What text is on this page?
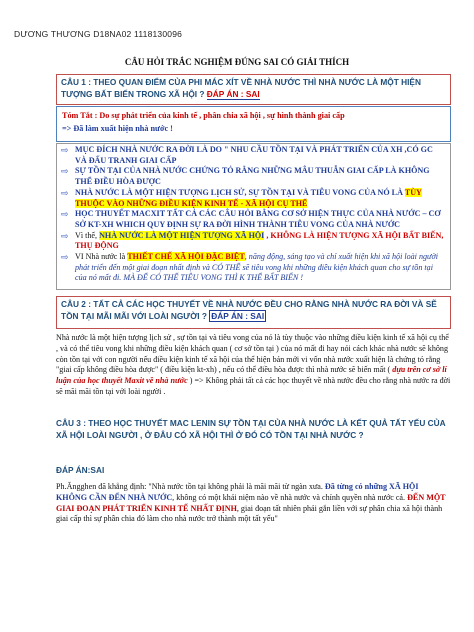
DƯƠNG THƯƠNG D18NA02 1118130096
CÂU HỎI TRẮC NGHIỆM ĐÚNG SAI CÓ GIẢI THÍCH
CÂU 1 : THEO QUAN ĐIỂM CỦA PHI MÁC XÍT VỀ NHÀ NƯỚC THÌ NHÀ NƯỚC LÀ MỘT HIỆN TƯỢNG BẤT BIẾN TRONG XÃ HỘI ? ĐÁP ÁN : SAI
Tóm Tắt : Do sự phát triển của kinh tế , phân chia xã hội , sự hình thành giai cấp
=> Đã làm xuất hiện nhà nước !
⇨ MỤC ĐÍCH NHÀ NƯỚC RA ĐỜI LÀ DO " NHU CẦU TỒN TẠI VÀ PHÁT TRIỂN CỦA XH ,CÓ GC VÀ ĐẤU TRANH GIAI CẤP
⇨ SỰ TỒN TẠI CỦA NHÀ NƯỚC CHỨNG TỎ RẰNG NHỮNG MÂU THUẪN GIAI CẤP LÀ KHÔNG THỂ ĐIỀU HÒA ĐƯỢC
⇨ NHÀ NƯỚC LÀ MỘT HIỆN TƯỢNG LỊCH SỬ, SỰ TỒN TẠI VÀ TIÊU VONG CỦA NÓ LÀ TÙY THUỘC VÀO NHỮNG ĐIỀU KIỆN KINH TẾ - XÃ HỘI CỤ THỂ
⇨ HỌC THUYẾT MACXIT TẤT CẢ CÁC CÂU HỎI BẰNG CƠ SỞ HIỆN THỰC CỦA NHÀ NƯỚC – CƠ SỞ KT-XH WHICH QUY ĐỊNH SỰ RA ĐỜI HÌNH THÀNH TIÊU VONG CỦA NHÀ NƯỚC
⇨ Vì thế, NHÀ NƯỚC LÀ MỘT HIỆN TƯỢNG XÃ HỘI , KHÔNG LÀ HIỆN TƯỢNG XÃ HỘI BẤT BIẾN, THỤ ĐỘNG
⇨ VI Nhà nước là THIẾT CHẾ XÃ HỘI ĐẶC BIỆT, năng động, sáng tạo và chỉ xuất hiện khi xã hội loài người phát triển đến một giai đoạn nhất định và CÓ THỂ sẽ tiêu vong khi những điều kiện khách quan cho sự tồn tại của nó mất đi. MÀ ĐỂ CÓ THỂ TIÊU VONG THÌ K THỂ BẤT BIẾN !
CÂU 2 : TẤT CẢ CÁC HỌC THUYẾT VỀ NHÀ NƯỚC ĐỀU CHO RẰNG NHÀ NƯỚC RA ĐỜI VÀ SẼ TỒN TẠI MÃI MÃI VỚI LOÀI NGƯỜI ? ĐÁP ÁN : SAI
Nhà nước là một hiện tượng lịch sử , sự tồn tại và tiêu vong của nó là tùy thuộc vào những điều kiện kinh tế xã hội cụ thể , và có thể tiêu vong khi những điều kiện khách quan ( cơ sở tồn tại ) của nó mất đi hay nói cách khác nhà nước sẽ không còn tồn tại với con người nếu điều kiện kinh tế xã hội của thể hiện bản mới vi vốn nhà nước xuất hiện là chứng tỏ rằng "giai cấp không điều hòa được" ( điều kiện kt-xh) , nếu có thể điều hòa được thì nhà nước sẽ biến mất ( dựa trên cơ sở lí luận của học thuyết Maxit về nhà nước ) => Không phải tất cả các học thuyết về nhà nước đều cho rằng nhà nước ra đời sẽ mãi mãi tồn tại với loài người .
CÂU 3 : THEO HỌC THUYẾT MAC LENIN SỰ TỒN TẠI CỦA NHÀ NƯỚC LÀ KẾT QUẢ TẤT YẾU CỦA XÃ HỘI LOÀI NGƯỜI , Ở ĐÂU CÓ XÃ HỘI THÌ Ở ĐÓ CÓ TỒN TẠI NHÀ NƯỚC ?
ĐÁP ÁN:SAI
Ph.Ăngghen đã khẳng định: "Nhà nước tồn tại không phải là mãi mãi từ ngàn xưa. Đã từng có những XÃ HỘI KHÔNG CẦN ĐẾN NHÀ NƯỚC, không có một khái niệm nào về nhà nước và chính quyền nhà nước cả. ĐẾN MỘT GIAI ĐOẠN PHÁT TRIỂN KINH TẾ NHẤT ĐỊNH, giai đoạn tất nhiên phải gắn liền với sự phân chia xã hội thành giai cấp thì sự phân chia đó làm cho nhà nước trở thành một tất yếu"
